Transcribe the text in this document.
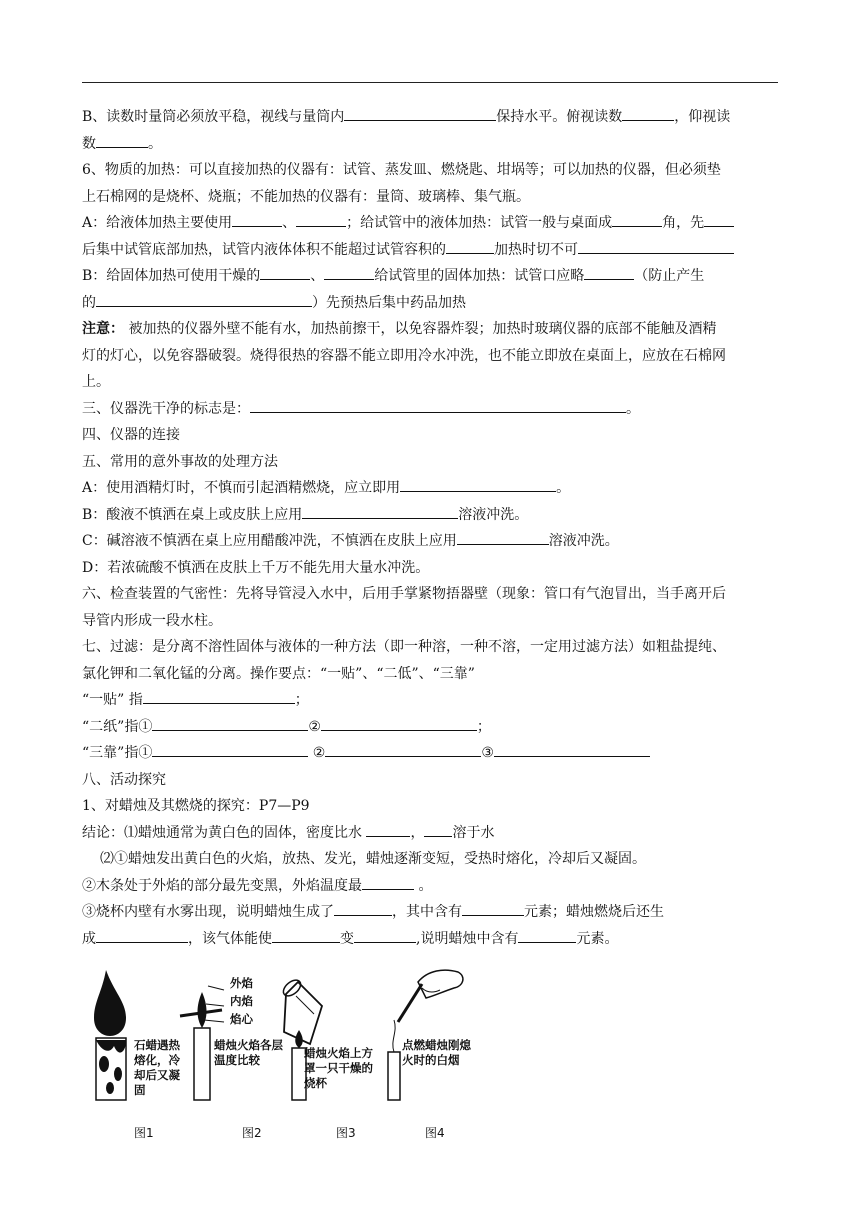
B、读数时量筒必须放平稳，视线与量筒内	保持水平。俯视读数	，仰视读
数	。
6、物质的加热：可以直接加热的仪器有：试管、蒸发皿、燃烧匙、坩埚等；可以加热的仪器，但必须垫
上石棉网的是烧杯、烧瓶；不能加热的仪器有：量筒、玻璃棒、集气瓶。
A：给液体加热主要使用	、	；给试管中的液体加热：试管一般与桌面成	角，先
后集中试管底部加热，试管内液体体积不能超过试管容积的	加热时切不可
B：给固体加热可使用干燥的	、	给试管里的固体加热：试管口应略	（防止产生
的	）先预热后集中药品加热
注意： 被加热的仪器外壁不能有水，加热前擦干，以免容器炸裂；加热时玻璃仪器的底部不能触及酒精
灯的灯心，以免容器破裂。烧得很热的容器不能立即用冷水冲洗，也不能立即放在桌面上，应放在石棉网
上。
三、仪器洗干净的标志是：	。
四、仪器的连接
五、常用的意外事故的处理方法
A：使用酒精灯时，不慎而引起酒精燃烧，应立即用	。
B：酸液不慎洒在桌上或皮肤上应用	溶液冲洗。
C：碱溶液不慎洒在桌上应用醋酸冲洗，不慎洒在皮肤上应用	溶液冲洗。
D：若浓硫酸不慎洒在皮肤上千万不能先用大量水冲洗。
六、检查装置的气密性：先将导管浸入水中，后用手掌紧物捂器壁（现象：管口有气泡冒出，当手离开后
导管内形成一段水柱。
七、过滤：是分离不溶性固体与液体的一种方法（即一种溶，一种不溶，一定用过滤方法）如粗盐提纯、
氯化钾和二氧化锰的分离。操作要点：“一贴”、“二低”、“三靠”
“一贴” 指	；
“二纸”指①	②	；
“三靠”指①	②	③
八、活动探究
1、对蜡烛及其燃烧的探究：P7—P9
结论：⑴蜡烛通常为黄白色的固体，密度比水	， 溶于水
⑵①蜡烛发出黄白色的火焰，放热、发光，蜡烛逐渐变短，受热时熔化，冷却后又凝固。
②木条处于外焰的部分最先变黑，外焰温度最	。
③烧杯内壁有水雾出现，说明蜡烛生成了	，其中含有	元素；蜡烛燃烧后还生
成	，该气体能使	变	,说明蜡烛中含有	元素。
石蜡遇热熔化，冷却后又凝固
外焰
内焰
焰心
蜡烛火焰各层温度比较	蜡烛火焰上方罩一只干燥的烧杯
点燃蜡烛刚熄火时的白烟
图1	图2	图3	图4
